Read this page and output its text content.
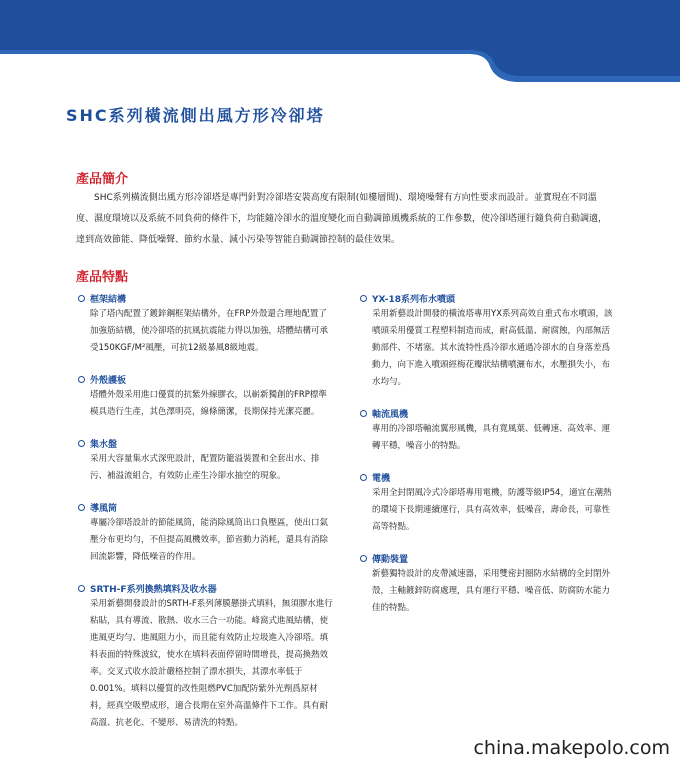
SHC系列橫流側出風方形冷卻塔
產品簡介
SHC系列橫流側出風方形冷卻塔是專門針對冷卻塔安裝高度有限制(如樓層間)、環境噪聲有方向性要求而設計。並實現在不同溫度、濕度環境以及系統不同負荷的條件下，均能隨冷卻水的溫度變化而自動調節風機系統的工作參數，使冷卻塔運行隨負荷自動調適，達到高效節能、降低噪聲、節約水量、減小污染等智能自動調節控制的最佳效果。
產品特點
框架結構
除了塔內配置了鍍鋅鋼框架結構外，在FRP外殼還合理地配置了加強筋結構，使冷卻塔的抗風抗震能力得以加強，塔體結構可承受150KGF/M²風壓，可抗12級暴風8級地震。
外殼護板
塔體外殼采用進口優質的抗紫外線膠衣，以嶄新獨創的FRP標準模具造行生產，其色澤明亮，線條簡潔，長期保持光潔亮麗。
集水盤
采用大容量集水式深兜設計，配置防籠溢裝置和全套出水、排污、補溢流組合，有效防止產生冷卻水抽空的現象。
導風筒
專屬冷卻塔設計的節能風筒，能消除風筒出口負壓區，使出口氣壓分布更均勻，不但提高風機效率，節省動力消耗，還具有消除回流影響，降低噪音的作用。
SRTH-F系列換熱填料及收水器
采用新藝開發設計的SRTH-F系列薄膜懸掛式填料，無須膠水進行粘貼，具有導流、散熱、收水三合一功能。峰窩式進風結構，使進風更均勻、進風阻力小，而且能有效防止垃圾進入冷卻塔。填料表面的特殊波紋，使水在填料表面停留時間增長，提高換熱效率。交叉式收水設計嚴格控制了漂水損失，其漂水率低于0.001%。填料以優質的改性阻燃PVC加配防紫外光劑爲原材料，經真空吸塑成形，適合長期在室外高溫條件下工作。具有耐高溫、抗老化、不變形、易清洗的特點。
YX-18系列布水噴頭
采用新藝設計開發的橫流塔專用YX系列高效自重式布水噴頭，該噴頭采用優質工程塑料制造而成，耐高低溫、耐腐蝕，內部無活動部件、不堵塞。其水流特性爲冷卻水通過冷卻水的自身落差爲動力，向下進入噴頭經梅花瓣狀結構噴灑布水，水壓損失小，布水均勻。
軸流風機
專用的冷卻塔軸流翼形風機，具有寬風葉、低轉速、高效率、運轉平穩，噪音小的特點。
電機
采用全封閉風冷式冷卻塔專用電機，防護等級IP54，適宜在潮熱的環境下長期連續運行，具有高效率，低噪音，壽命長，可靠性高等特點。
傳動裝置
新藝獨特設計的皮帶減速器，采用雙密封圈防水結構的全封閉外殼，主軸鍍鋅防腐處理，具有運行平穩、噪音低、防腐防水能力佳的特點。
china.makepolo.com
